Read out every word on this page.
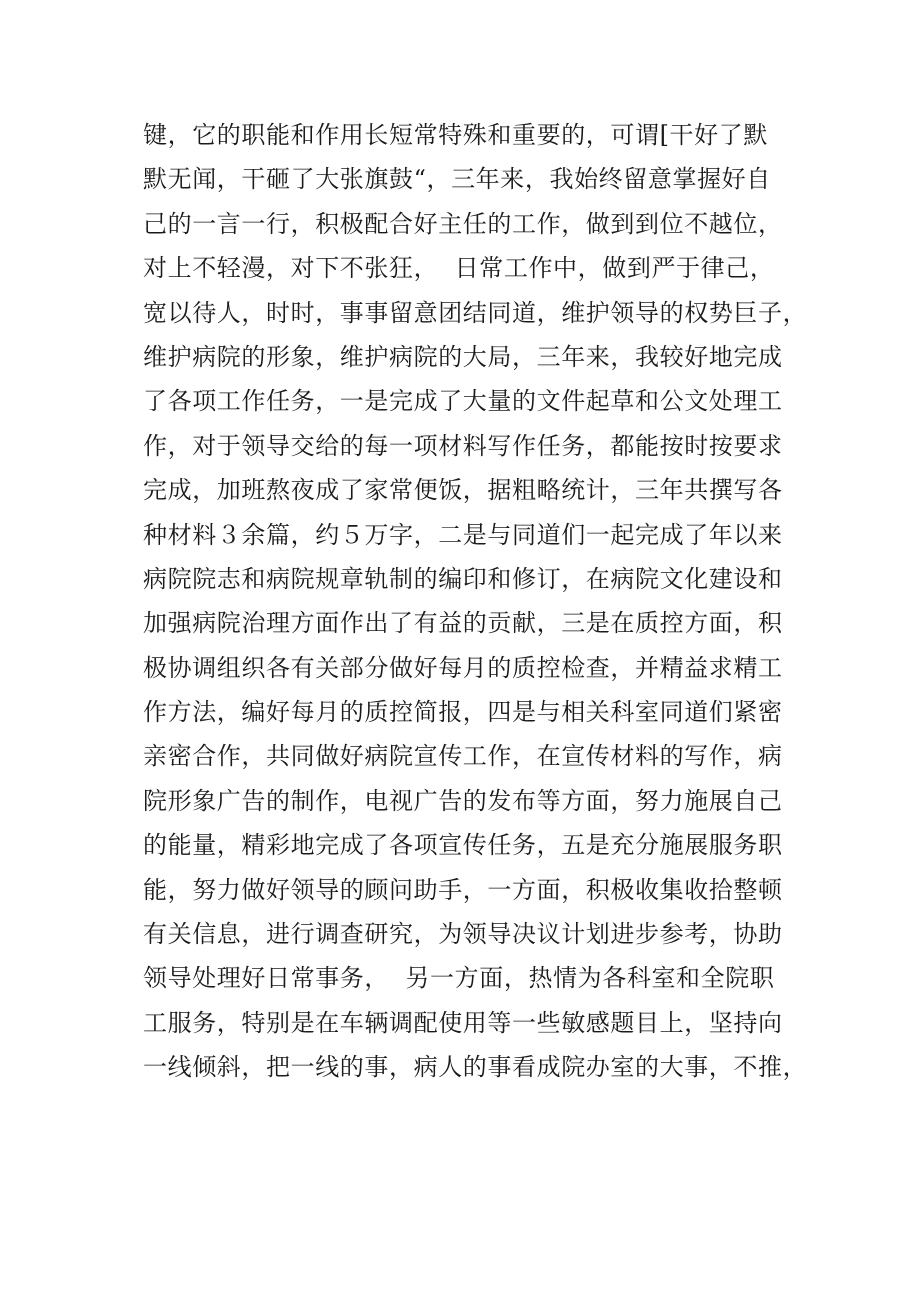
键，它的职能和作用长短常特殊和重要的，可谓[干好了默
默无闻，干砸了大张旗鼓“，三年来，我始终留意掌握好自
己的一言一行，积极配合好主任的工作，做到到位不越位，
对上不轻漫，对下不张狂，  日常工作中，做到严于律己，
宽以待人，时时，事事留意团结同道，维护领导的权势巨子，
维护病院的形象，维护病院的大局，三年来，我较好地完成
了各项工作任务，一是完成了大量的文件起草和公文处理工
作，对于领导交给的每一项材料写作任务，都能按时按要求
完成，加班熬夜成了家常便饭，据粗略统计，三年共撰写各
种材料３余篇，约５万字，二是与同道们一起完成了年以来
病院院志和病院规章轨制的编印和修订，在病院文化建设和
加强病院治理方面作出了有益的贡献，三是在质控方面，积
极协调组织各有关部分做好每月的质控检查，并精益求精工
作方法，编好每月的质控简报，四是与相关科室同道们紧密
亲密合作，共同做好病院宣传工作，在宣传材料的写作，病
院形象广告的制作，电视广告的发布等方面，努力施展自己
的能量，精彩地完成了各项宣传任务，五是充分施展服务职
能，努力做好领导的顾问助手，一方面，积极收集收拾整顿
有关信息，进行调查研究，为领导决议计划进步参考，协助
领导处理好日常事务，  另一方面，热情为各科室和全院职
工服务，特别是在车辆调配使用等一些敏感题目上，坚持向
一线倾斜，把一线的事，病人的事看成院办室的大事，不推，
